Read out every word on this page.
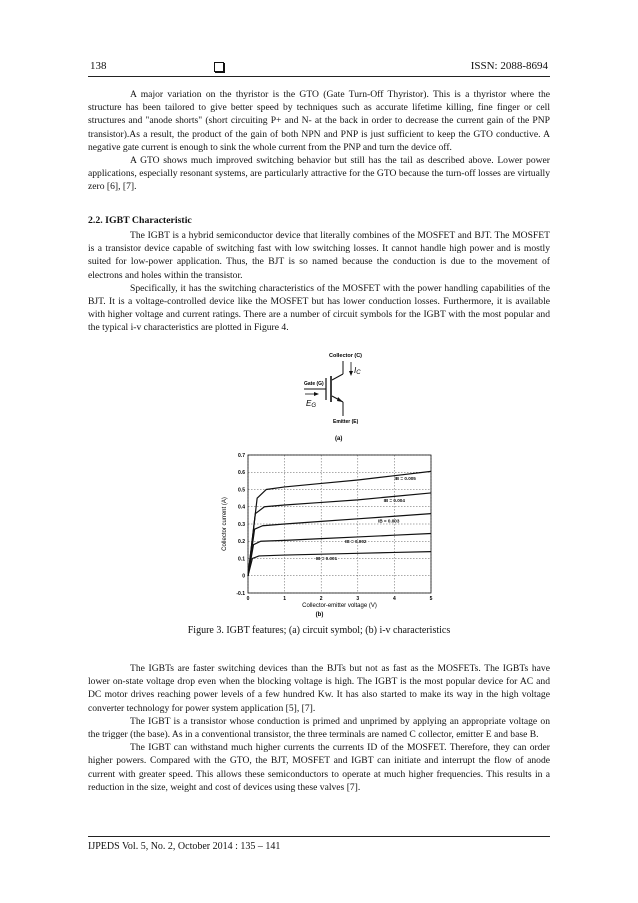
138	ISSN: 2088-8694

A major variation on the thyristor is the GTO (Gate Turn-Off Thyristor). This is a thyristor where the structure has been tailored to give better speed by techniques such as accurate lifetime killing, fine finger or cell structures and "anode shorts" (short circuiting P+ and N- at the back in order to decrease the current gain of the PNP transistor).As a result, the product of the gain of both NPN and PNP is just sufficient to keep the GTO conductive. A negative gate current is enough to sink the whole current from the PNP and turn the device off.

A GTO shows much improved switching behavior but still has the tail as described above. Lower power applications, especially resonant systems, are particularly attractive for the GTO because the turn-off losses are virtually zero [6], [7].

2.2. IGBT Characteristic

The IGBT is a hybrid semiconductor device that literally combines of the MOSFET and BJT. The MOSFET is a transistor device capable of switching fast with low switching losses. It cannot handle high power and is mostly suited for low-power application. Thus, the BJT is so named because the conduction is due to the movement of electrons and holes within the transistor.

Specifically, it has the switching characteristics of the MOSFET with the power handling capabilities of the BJT. It is a voltage-controlled device like the MOSFET but has lower conduction losses. Furthermore, it is available with higher voltage and current ratings. There are a number of circuit symbols for the IGBT with the most popular and the typical i-v characteristics are plotted in Figure 4.

Collector (C)
IC
Gate (G)
EG
Emitter (E)
(a)
0	1	2	3	4	5
-0.1
0
0.1
0.2
0.3
0.4
0.5
0.6
0.7
IB = 0.005
IB = 0.004
IB = 0.003
IB = 0.002
IB = 0.001
Collector-emitter voltage (V)
Collector current (A)
(b)
Figure 3. IGBT features; (a) circuit symbol; (b) i-v characteristics

The IGBTs are faster switching devices than the BJTs but not as fast as the MOSFETs. The IGBTs have lower on-state voltage drop even when the blocking voltage is high. The IGBT is the most popular device for AC and DC motor drives reaching power levels of a few hundred Kw. It has also started to make its way in the high voltage converter technology for power system application [5], [7].

The IGBT is a transistor whose conduction is primed and unprimed by applying an appropriate voltage on the trigger (the base). As in a conventional transistor, the three terminals are named C collector, emitter E and base B.

The IGBT can withstand much higher currents the currents ID of the MOSFET. Therefore, they can order higher powers. Compared with the GTO, the BJT, MOSFET and IGBT can initiate and interrupt the flow of anode current with greater speed. This allows these semiconductors to operate at much higher frequencies. This results in a reduction in the size, weight and cost of devices using these valves [7].

IJPEDS Vol. 5, No. 2, October 2014 : 135 – 141
